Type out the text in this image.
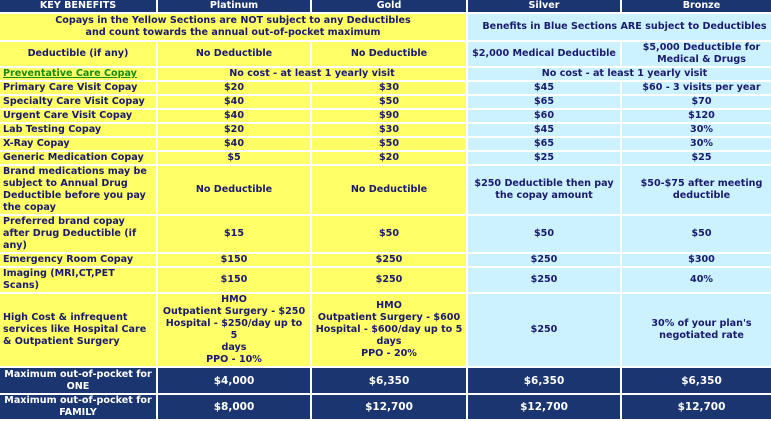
KEY BENEFITS	Platinum	Gold	Silver	Bronze

Copays in the Yellow Sections are NOT subject to any Deductibles
and count towards the annual out-of-pocket maximum			Benefits in Blue Sections ARE subject to Deductibles	
Deductible (if any)	No Deductible	No Deductible	$2,000 Medical Deductible	$5,000 Deductible for
Medical & Drugs

Preventative Care Copay	No cost - at least 1 yearly visit		No cost - at least 1 yearly visit	
Primary Care Visit Copay	$20	$30	$45	$60 - 3 visits per year
Specialty Care Visit Copay	$40	$50	$65	$70
Urgent Care Visit Copay	$40	$90	$60	$120
Lab Testing Copay	$20	$30	$45	30%
X-Ray Copay	$40	$50	$65	30%
Generic Medication Copay	$5	$20	$25	$25
Brand medications may be subject to Annual Drug Deductible before you pay the copay	No Deductible	No Deductible	$250 Deductible then pay the copay amount	$50-$75 after meeting deductible
Preferred brand copay after Drug Deductible (if any)	$15	$50	$50	$50
Emergency Room Copay	$150	$250	$250	$300
Imaging (MRI,CT,PET Scans)	$150	$250	$250	40%
High Cost & infrequent services like Hospital Care & Outpatient Surgery	HMO
Outpatient Surgery - $250
Hospital - $250/day up to 5
days
PPO - 10%	HMO
Outpatient Surgery - $600
Hospital - $600/day up to 5
days
PPO - 20%	$250	30% of your plan's negotiated rate
Maximum out-of-pocket for ONE	$4,000	$6,350	$6,350	$6,350
Maximum out-of-pocket for FAMILY	$8,000	$12,700	$12,700	$12,700
